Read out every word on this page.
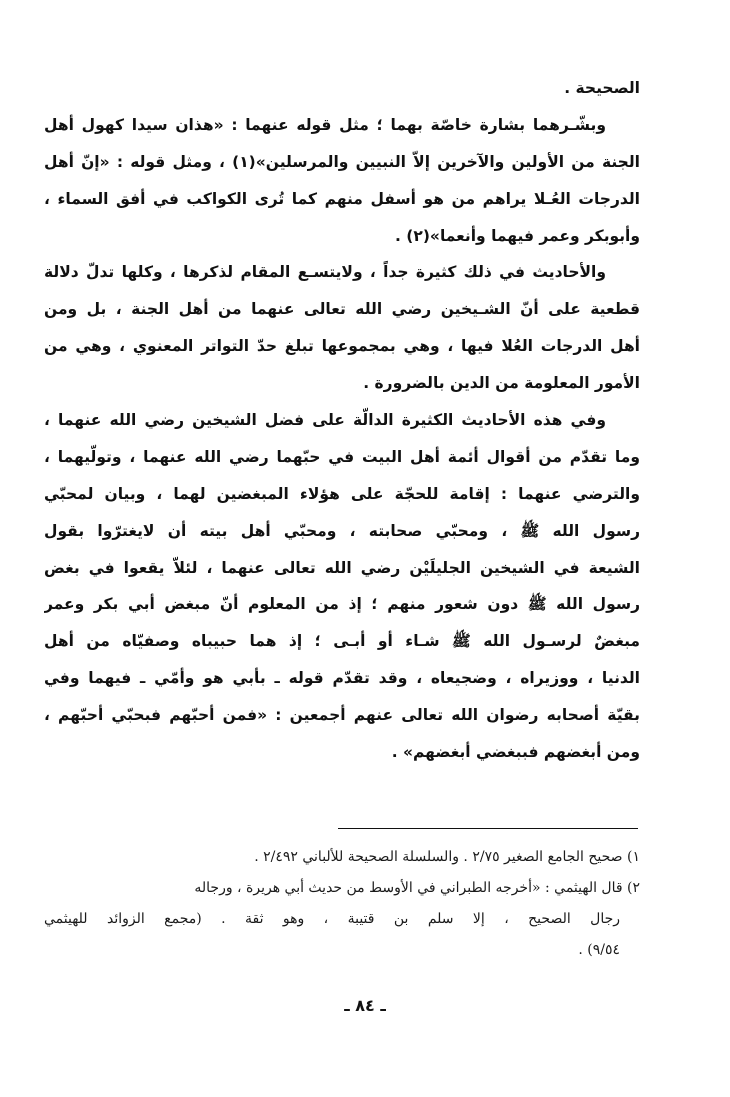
الصحيحة .
وبشّـرهما بشارة خاصّة بهما ؛ مثل قوله عنهما : «هذان سيدا كهول أهل
الجنة من الأولين والآخرين إلاّ النبيين والمرسلين»(١) ، ومثل قوله : «إنّ أهل
الدرجات العُـلا يراهم من هو أسفل منهم كما تُرى الكواكب في أفق السماء ،
وأبوبكر وعمر فيهما وأنعما»(٢) .
والأحاديث في ذلك كثيرة جداً ، ولايتسـع المقام لذكرها ، وكلها تدلّ دلالة
قطعية على أنّ الشـيخين رضي الله تعالى عنهما من أهل الجنة ، بل ومن
أهل الدرجات العُلا فيها ، وهي بمجموعها تبلغ حدّ التواتر المعنوي ، وهي من
الأمور المعلومة من الدين بالضرورة .
وفي هذه الأحاديث الكثيرة الدالّة على فضل الشيخين رضي الله عنهما ،
وما تقدّم من أقوال أئمة أهل البيت في حبّهما رضي الله عنهما ، وتولّيهما ،
والترضي عنهما : إقامة للحجّة على هؤلاء المبغضين لهما ، وبيان لمحبّي
رسول الله ﷺ ، ومحبّي صحابته ، ومحبّي أهل بيته أن لايغترّوا بقول
الشيعة في الشيخين الجليلَيْن رضي الله تعالى عنهما ، لئلاّ يقعوا في بغض
رسول الله ﷺ دون شعور منهم ؛ إذ من المعلوم أنّ مبغض أبي بكر وعمر
مبغضٌ لرسـول الله ﷺ شـاء أو أبـى ؛ إذ هما حبيباه وصفيّاه من أهل
الدنيا ، ووزيراه ، وضجيعاه ، وقد تقدّم قوله ـ بأبي هو وأمّي ـ فيهما وفي
بقيّة أصحابه رضوان الله تعالى عنهم أجمعين : «فمن أحبّهم فبحبّي أحبّهم ،
ومن أبغضهم فببغضي أبغضهم» .
١) صحيح الجامع الصغير ٢/٧٥ . والسلسلة الصحيحة للألباني ٢/٤٩٢ .
٢) قال الهيثمي : «أخرجه الطبراني في الأوسط من حديث أبي هريرة ، ورجاله
رجال الصحيح ، إلا سلم بن قتيبة ، وهو ثقة . (مجمع الزوائد للهيثمي
٩/٥٤) .
ـ ٨٤ ـ
